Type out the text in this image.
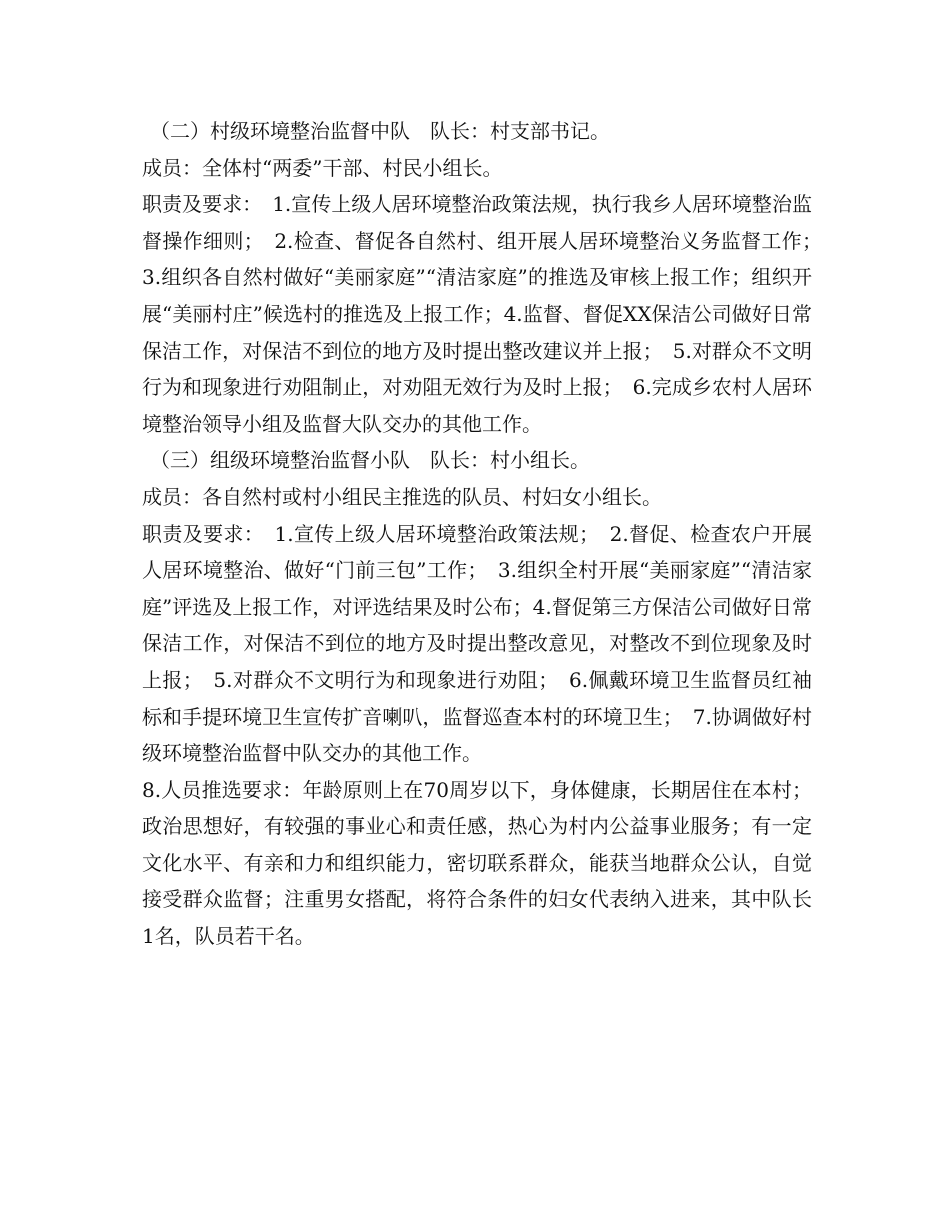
（二）村级环境整治监督中队　队长：村支部书记。

成员：全体村“两委”干部、村民小组长。

职责及要求：　1.宣传上级人居环境整治政策法规，执行我乡人居环境整治监督操作细则；　2.检查、督促各自然村、组开展人居环境整治义务监督工作；　3.组织各自然村做好“美丽家庭”“清洁家庭”的推选及审核上报工作；组织开展“美丽村庄”候选村的推选及上报工作；4.监督、督促XX保洁公司做好日常保洁工作，对保洁不到位的地方及时提出整改建议并上报；　5.对群众不文明行为和现象进行劝阻制止，对劝阻无效行为及时上报；　6.完成乡农村人居环境整治领导小组及监督大队交办的其他工作。

（三）组级环境整治监督小队　队长：村小组长。

成员：各自然村或村小组民主推选的队员、村妇女小组长。

职责及要求：　1.宣传上级人居环境整治政策法规；　2.督促、检查农户开展人居环境整治、做好“门前三包”工作；　3.组织全村开展“美丽家庭”“清洁家庭”评选及上报工作，对评选结果及时公布；4.督促第三方保洁公司做好日常保洁工作，对保洁不到位的地方及时提出整改意见，对整改不到位现象及时上报；　5.对群众不文明行为和现象进行劝阻；　6.佩戴环境卫生监督员红袖标和手提环境卫生宣传扩音喇叭，监督巡查本村的环境卫生；　7.协调做好村级环境整治监督中队交办的其他工作。

8.人员推选要求：年龄原则上在70周岁以下，身体健康，长期居住在本村；政治思想好，有较强的事业心和责任感，热心为村内公益事业服务；有一定文化水平、有亲和力和组织能力，密切联系群众，能获当地群众公认，自觉接受群众监督；注重男女搭配，将符合条件的妇女代表纳入进来，其中队长1名，队员若干名。
